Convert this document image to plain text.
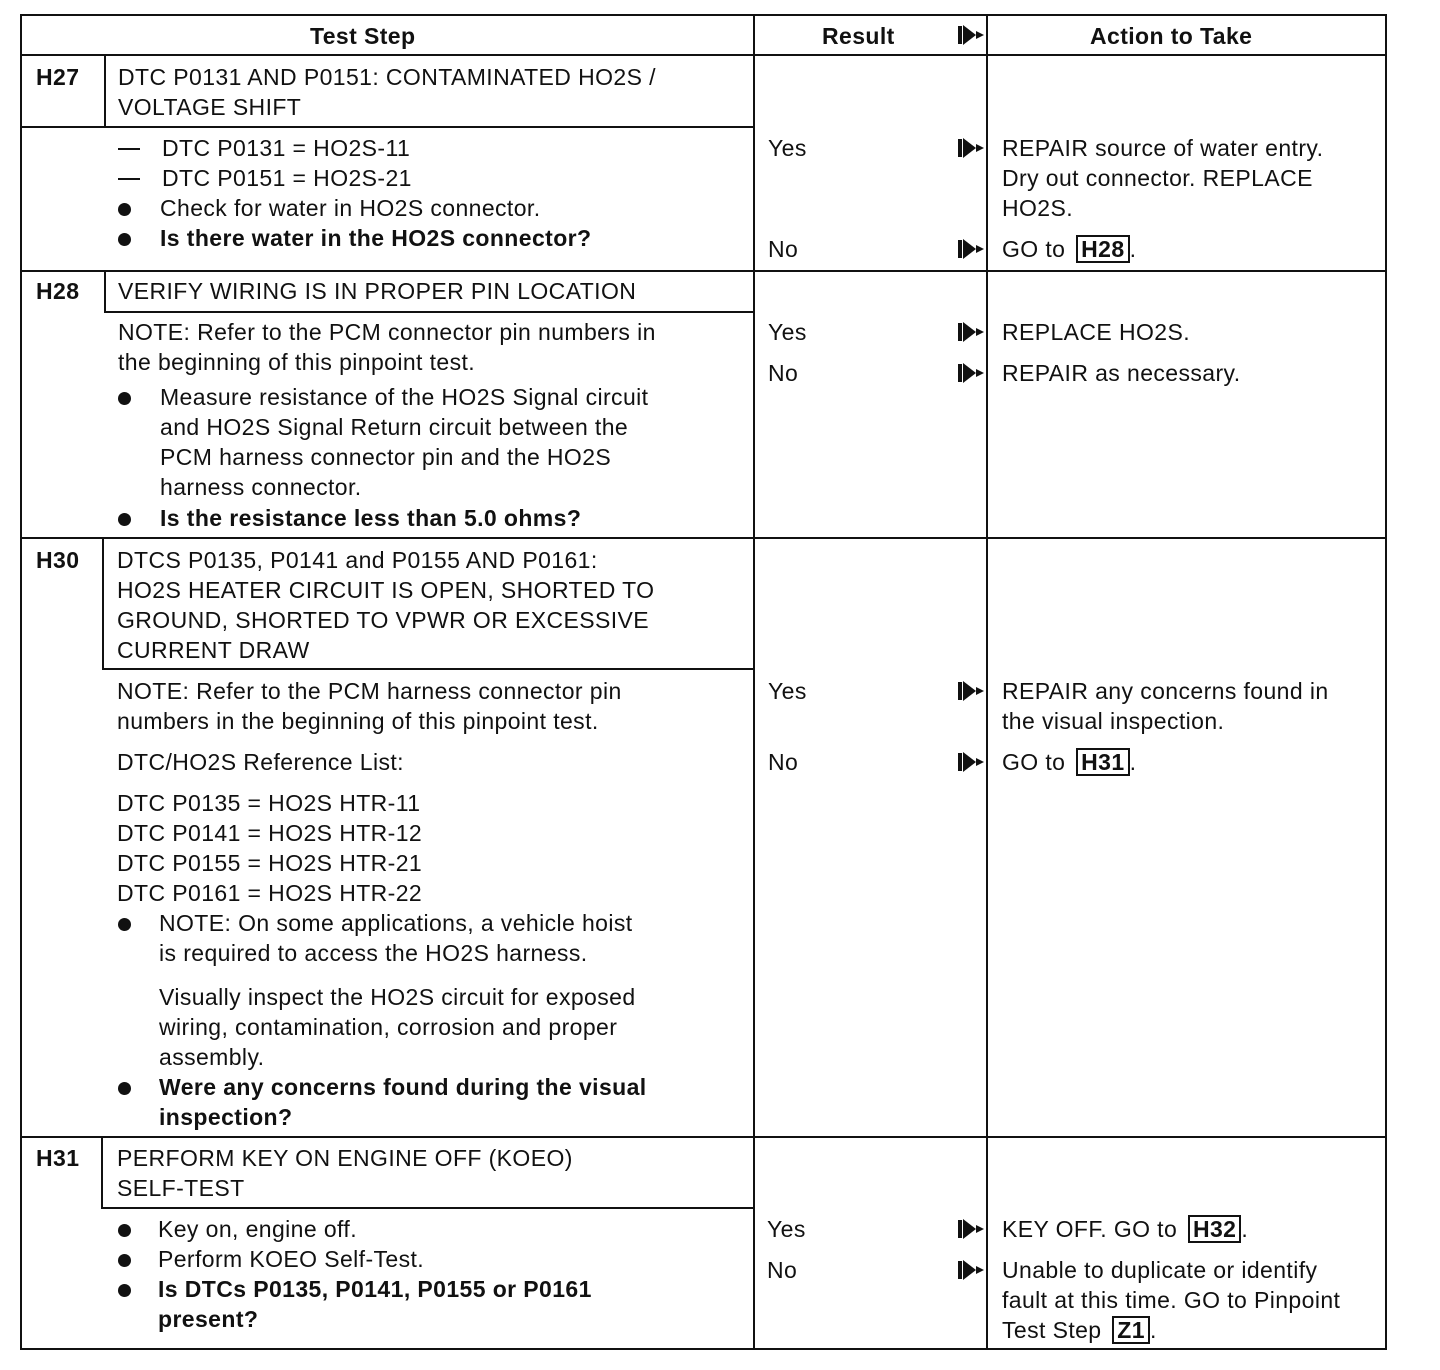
Test Step	Result	Action to Take
H27 DTC P0131 AND P0151: CONTAMINATED HO2S /
VOLTAGE SHIFT
DTC P0131 = HO2S-11
DTC P0151 = HO2S-21
Check for water in HO2S connector.
Is there water in the HO2S connector?
Yes	REPAIR source of water entry.
Dry out connector. REPLACE
HO2S.
No	GO to H28 .
H28 VERIFY WIRING IS IN PROPER PIN LOCATION
NOTE: Refer to the PCM connector pin numbers in
the beginning of this pinpoint test.
Measure resistance of the HO2S Signal circuit
and HO2S Signal Return circuit between the
PCM harness connector pin and the HO2S
harness connector.
Is the resistance less than 5.0 ohms?
Yes	REPLACE HO2S.
No	REPAIR as necessary.
H30 DTCS P0135, P0141 and P0155 AND P0161:
HO2S HEATER CIRCUIT IS OPEN, SHORTED TO
GROUND, SHORTED TO VPWR OR EXCESSIVE
CURRENT DRAW
NOTE: Refer to the PCM harness connector pin
numbers in the beginning of this pinpoint test.
DTC/HO2S Reference List:
DTC P0135 = HO2S HTR-11
DTC P0141 = HO2S HTR-12
DTC P0155 = HO2S HTR-21
DTC P0161 = HO2S HTR-22
NOTE: On some applications, a vehicle hoist
is required to access the HO2S harness.
Visually inspect the HO2S circuit for exposed
wiring, contamination, corrosion and proper
assembly.
Were any concerns found during the visual
inspection?
Yes	REPAIR any concerns found in
the visual inspection.
No	GO to H31 .
H31 PERFORM KEY ON ENGINE OFF (KOEO)
SELF-TEST
Key on, engine off.
Perform KOEO Self-Test.
Is DTCs P0135, P0141, P0155 or P0161
present?
Yes	KEY OFF. GO to H32 .
No	Unable to duplicate or identify
fault at this time. GO to Pinpoint
Test Step Z1 .
